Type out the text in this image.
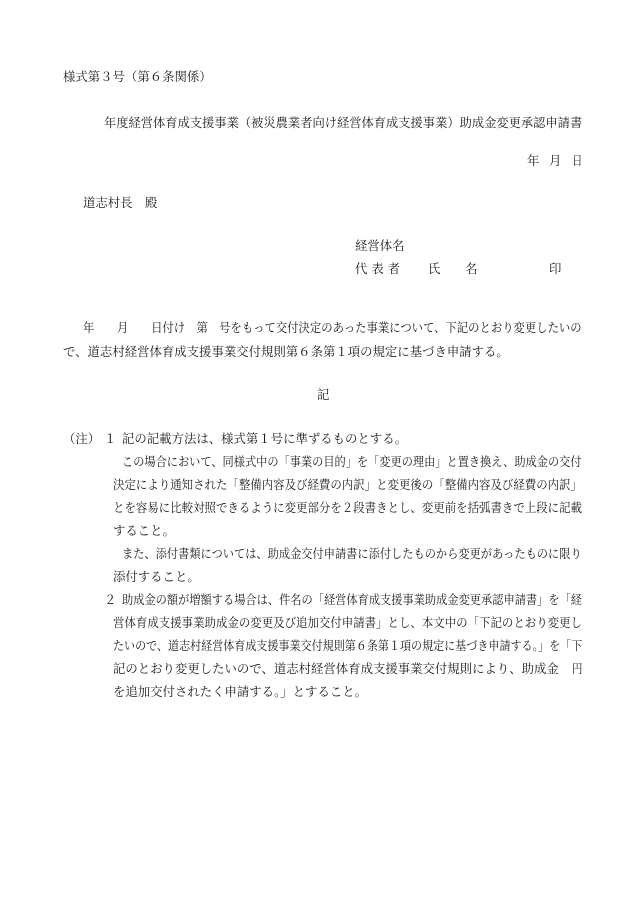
様式第３号（第６条関係）
年度経営体育成支援事業（被災農業者向け経営体育成支援事業）助成金変更承認申請書
年 月 日
道志村長　殿
経営体名
代 表 者 氏　　名	印
年　　月　　日付け　第　号をもって交付決定のあった事業について、下記のとおり変更したいの
で、道志村経営体育成支援事業交付規則第６条第１項の規定に基づき申請する。
記
（注） １ 記の記載方法は、様式第１号に準ずるものとする。
この場合において、同様式中の「事業の目的」を「変更の理由」と置き換え、助成金の交付
決定により通知された「整備内容及び経費の内訳」と変更後の「整備内容及び経費の内訳」
とを容易に比較対照できるように変更部分を２段書きとし、変更前を括弧書きで上段に記載
すること。
また、添付書類については、助成金交付申請書に添付したものから変更があったものに限り
添付すること。
２ 助成金の額が増額する場合は、件名の「経営体育成支援事業助成金変更承認申請書」を「経
営体育成支援事業助成金の変更及び追加交付申請書」とし、本文中の「下記のとおり変更し
たいので、道志村経営体育成支援事業交付規則第６条第１項の規定に基づき申請する。」を「下
記のとおり変更したいので、道志村経営体育成支援事業交付規則により、助成金 円
を追加交付されたく申請する。」とすること。
